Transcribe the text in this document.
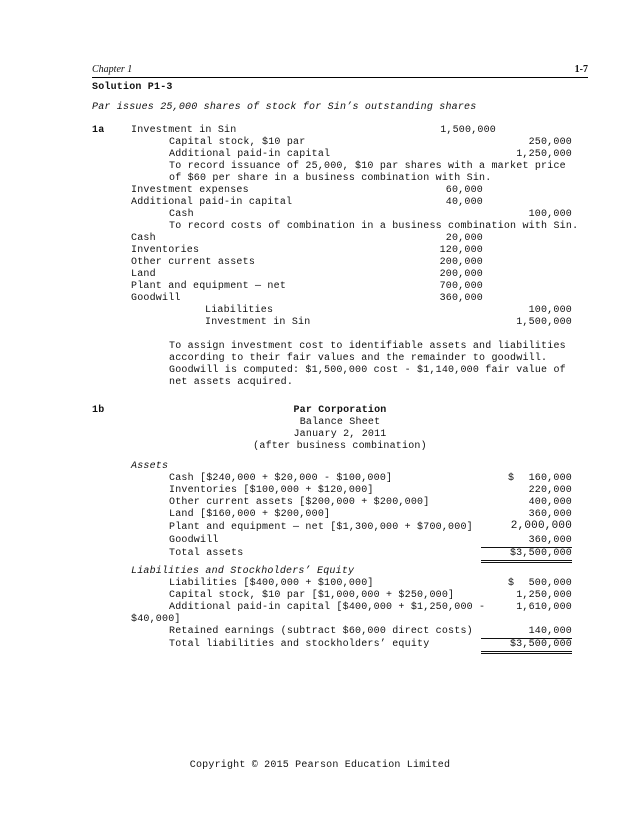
Chapter 1	1-7
Solution P1-3
Par issues 25,000 shares of stock for Sin’s outstanding shares
1a	Investment in Sin	1,500,000
Capital stock, $10 par	250,000
Additional paid-in capital	1,250,000
To record issuance of 25,000, $10 par shares with a market price
of $60 per share in a business combination with Sin.
Investment expenses	60,000
Additional paid-in capital	40,000
Cash	100,000
To record costs of combination in a business combination with Sin.
Cash	20,000
Inventories	120,000
Other current assets	200,000
Land	200,000
Plant and equipment — net	700,000
Goodwill	360,000
Liabilities	100,000
Investment in Sin	1,500,000
To assign investment cost to identifiable assets and liabilities
according to their fair values and the remainder to goodwill.
Goodwill is computed: $1,500,000 cost - $1,140,000 fair value of
net assets acquired.
1b	Par Corporation
Balance Sheet
January 2, 2011
(after business combination)
Assets
Cash [$240,000 + $20,000 - $100,000]	$	160,000
Inventories [$100,000 + $120,000]	220,000
Other current assets [$200,000 + $200,000]	400,000
Land [$160,000 + $200,000]	360,000
Plant and equipment — net [$1,300,000 + $700,000]	2,000,000
Goodwill	360,000
Total assets	$3,500,000
Liabilities and Stockholders’ Equity
Liabilities [$400,000 + $100,000]	$	500,000
Capital stock, $10 par [$1,000,000 + $250,000]	1,250,000
Additional paid-in capital [$400,000 + $1,250,000 -	1,610,000
$40,000]
Retained earnings (subtract $60,000 direct costs)	140,000
Total liabilities and stockholders’ equity	$3,500,000
Copyright © 2015 Pearson Education Limited
